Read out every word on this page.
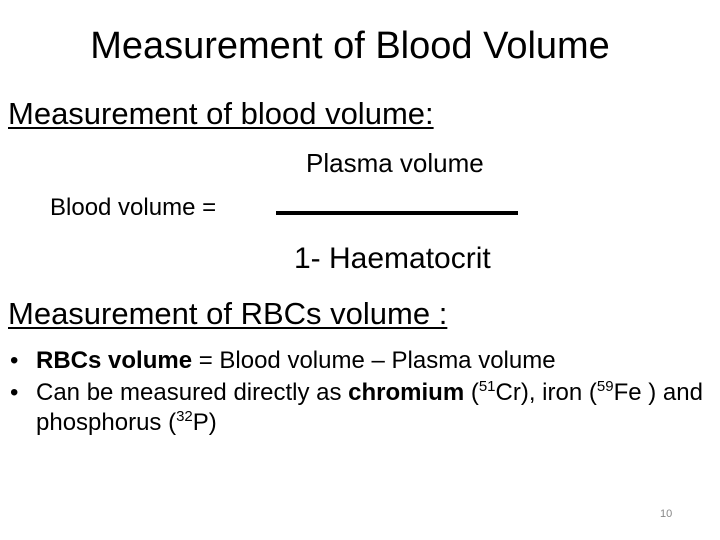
Measurement of Blood Volume
Measurement of blood volume:
Blood volume =
Plasma volume
1- Haematocrit
Measurement of RBCs volume :
• RBCs volume = Blood volume – Plasma volume
• Can be measured directly as chromium ($^{51}$Cr), iron ($^{59}$Fe ) and phosphorus ($^{32}$P)
10
